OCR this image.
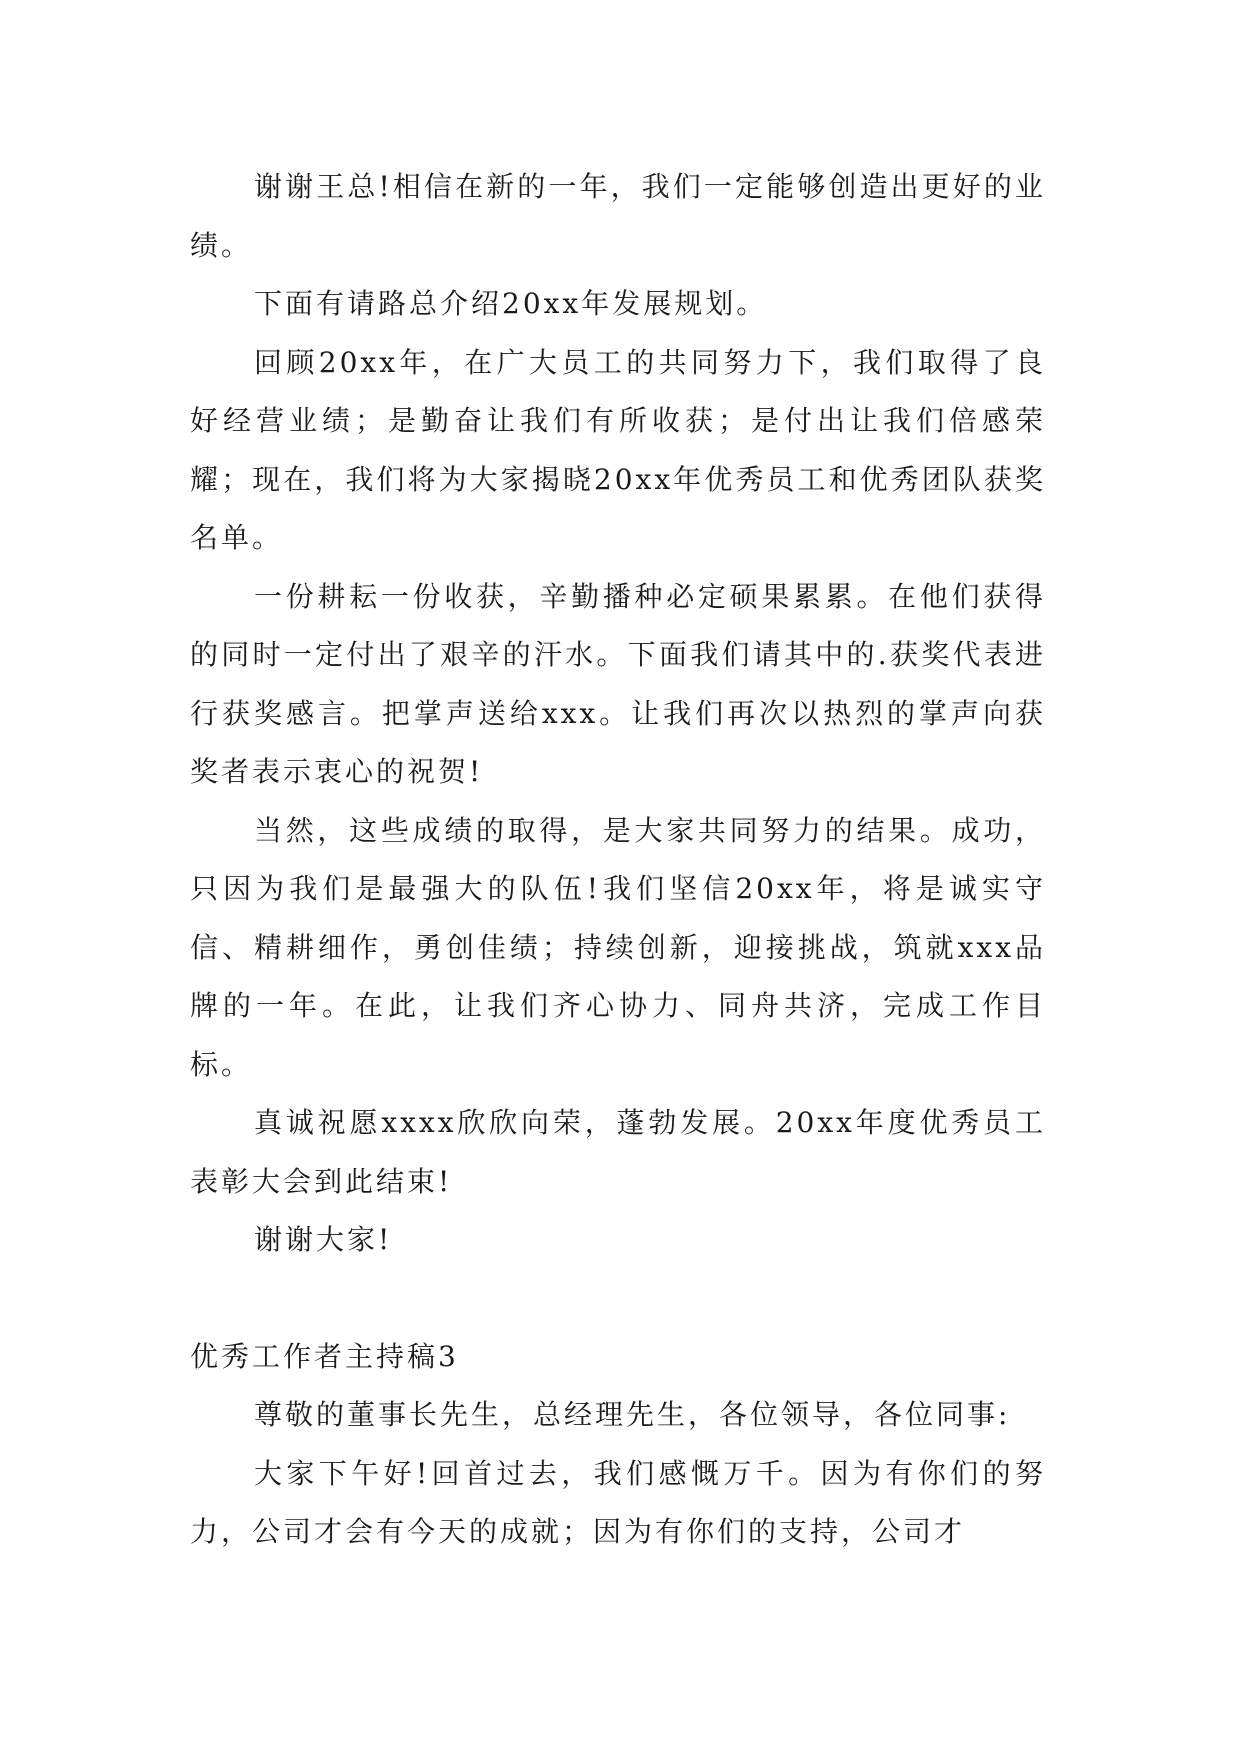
谢谢王总!相信在新的一年，我们一定能够创造出更好的业绩。

下面有请路总介绍20xx年发展规划。

回顾20xx年，在广大员工的共同努力下，我们取得了良好经营业绩；是勤奋让我们有所收获；是付出让我们倍感荣耀；现在，我们将为大家揭晓20xx年优秀员工和优秀团队获奖名单。

一份耕耘一份收获，辛勤播种必定硕果累累。在他们获得的同时一定付出了艰辛的汗水。下面我们请其中的.获奖代表进行获奖感言。把掌声送给xxx。让我们再次以热烈的掌声向获奖者表示衷心的祝贺!

当然，这些成绩的取得，是大家共同努力的结果。成功，只因为我们是最强大的队伍!我们坚信20xx年，将是诚实守信、精耕细作，勇创佳绩；持续创新，迎接挑战，筑就xxx品牌的一年。在此，让我们齐心协力、同舟共济，完成工作目标。

真诚祝愿xxxx欣欣向荣，蓬勃发展。20xx年度优秀员工表彰大会到此结束!

谢谢大家!

优秀工作者主持稿3

尊敬的董事长先生，总经理先生，各位领导，各位同事:

大家下午好!回首过去，我们感慨万千。因为有你们的努力，公司才会有今天的成就；因为有你们的支持，公司才
